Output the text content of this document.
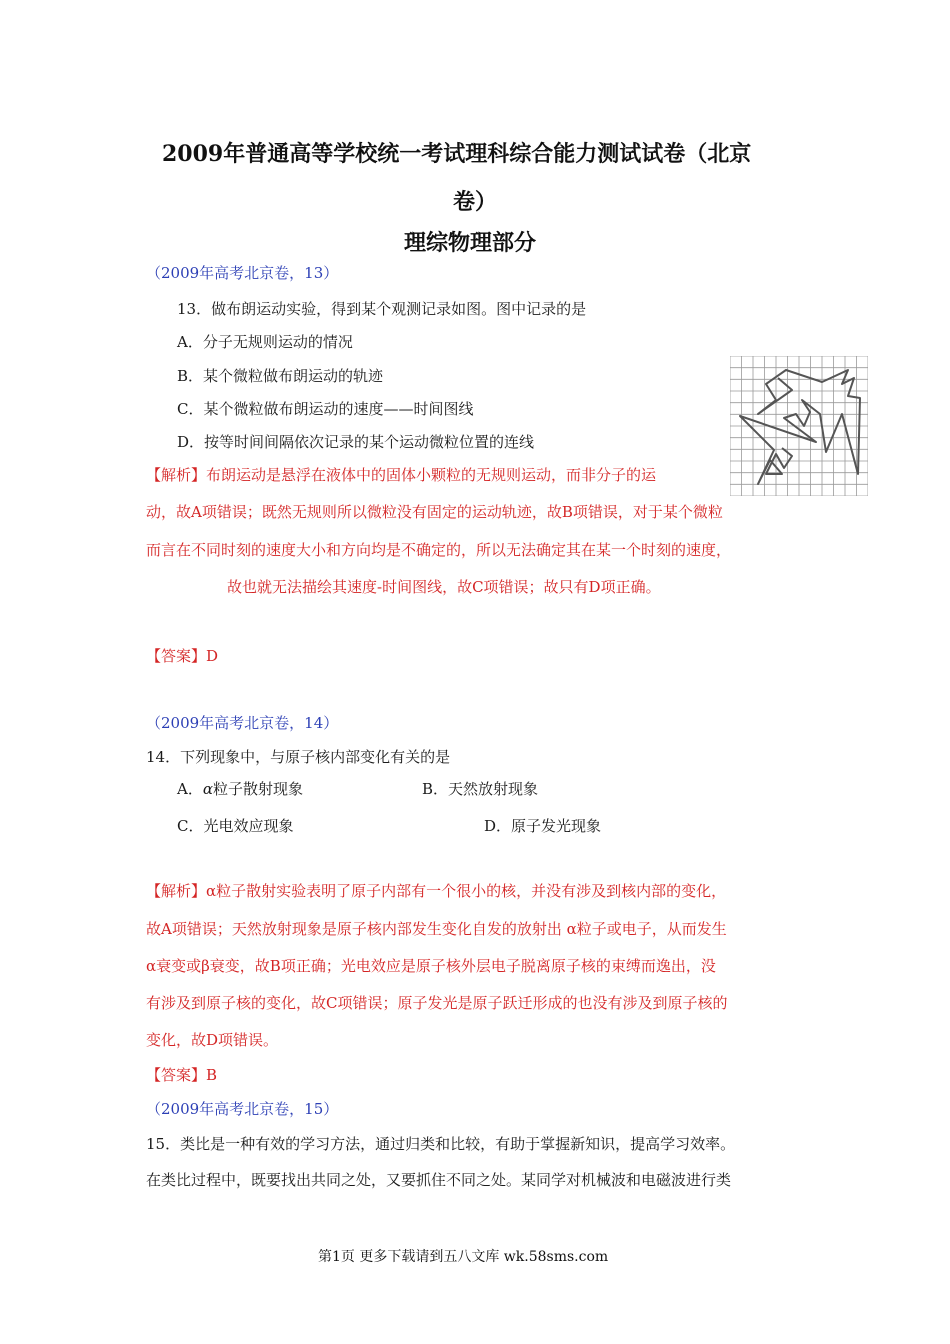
2009年普通高等学校统一考试理科综合能力测试试卷（北京
卷）
理综物理部分
（2009年高考北京卷，13）
13．做布朗运动实验，得到某个观测记录如图。图中记录的是
A．分子无规则运动的情况
B．某个微粒做布朗运动的轨迹
C．某个微粒做布朗运动的速度——时间图线
D．按等时间间隔依次记录的某个运动微粒位置的连线
【解析】布朗运动是悬浮在液体中的固体小颗粒的无规则运动，而非分子的运
动，故A项错误；既然无规则所以微粒没有固定的运动轨迹，故B项错误，对于某个微粒
而言在不同时刻的速度大小和方向均是不确定的，所以无法确定其在某一个时刻的速度，
故也就无法描绘其速度-时间图线，故C项错误；故只有D项正确。
【答案】D
（2009年高考北京卷，14）
14．下列现象中，与原子核内部变化有关的是
A．α粒子散射现象	B．天然放射现象
C．光电效应现象	D．原子发光现象
【解析】α粒子散射实验表明了原子内部有一个很小的核，并没有涉及到核内部的变化，
故A项错误；天然放射现象是原子核内部发生变化自发的放射出 α粒子或电子，从而发生
α衰变或β衰变，故B项正确；光电效应是原子核外层电子脱离原子核的束缚而逸出，没
有涉及到原子核的变化，故C项错误；原子发光是原子跃迁形成的也没有涉及到原子核的
变化，故D项错误。
【答案】B
（2009年高考北京卷，15）
15．类比是一种有效的学习方法，通过归类和比较，有助于掌握新知识，提高学习效率。
在类比过程中，既要找出共同之处，又要抓住不同之处。某同学对机械波和电磁波进行类
第1页 更多下载请到五八文库 wk.58sms.com
